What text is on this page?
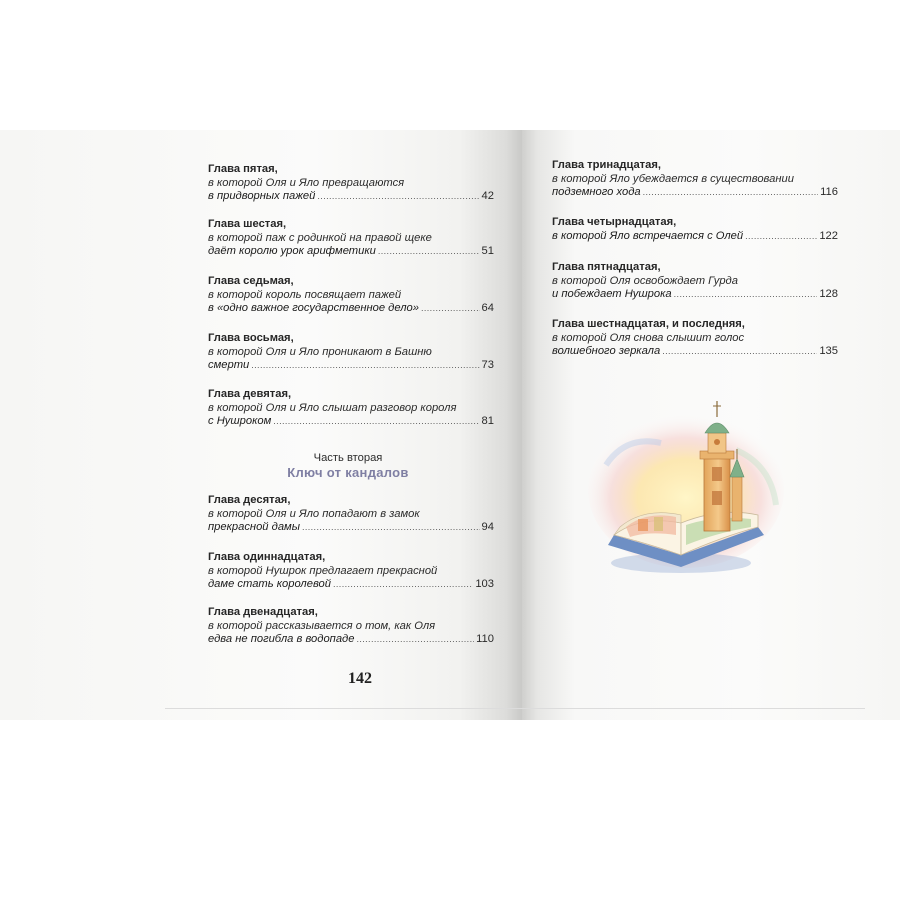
Глава пятая,
в которой Оля и Яло превращаются
в придворных пажей .....	42
Глава шестая,
в которой паж с родинкой на правой щеке
даёт королю урок арифметики .....	51
Глава седьмая,
в которой король посвящает пажей
в «одно важное государственное дело» .....	64
Глава восьмая,
в которой Оля и Яло проникают в Башню
смерти .....	73
Глава девятая,
в которой Оля и Яло слышат разговор короля
с Нушроком .....	81
Часть вторая
Ключ от кандалов
Глава десятая,
в которой Оля и Яло попадают в замок
прекрасной дамы .....	94
Глава одиннадцатая,
в которой Нушрок предлагает прекрасной
даме стать королевой .....	103
Глава двенадцатая,
в которой рассказывается о том, как Оля
едва не погибла в водопаде .....	110
142
Глава тринадцатая,
в которой Яло убеждается в существовании
подземного хода .....	116
Глава четырнадцатая,
в которой Яло встречается с Олей .....	122
Глава пятнадцатая,
в которой Оля освобождает Гурда
и побеждает Нушрока .....	128
Глава шестнадцатая, и последняя,
в которой Оля снова слышит голос
волшебного зеркала .....	135
